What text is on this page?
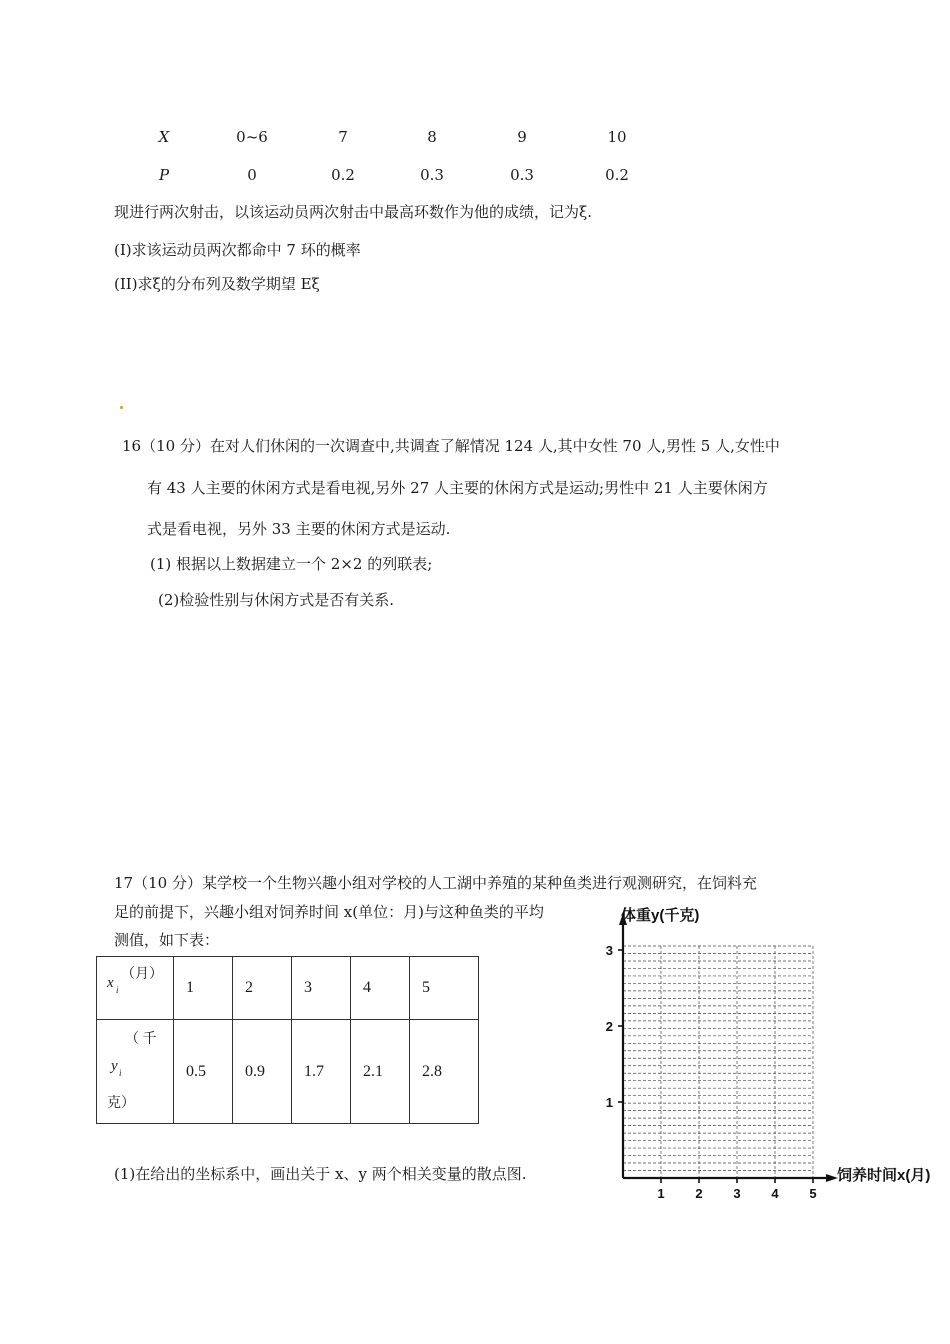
X	0~6	7	8	9	10
P	0	0.2	0.3	0.3	0.2
现进行两次射击，以该运动员两次射击中最高环数作为他的成绩，记为ξ.
(I)求该运动员两次都命中 7 环的概率
(II)求ξ的分布列及数学期望 Eξ
16（10 分）在对人们休闲的一次调查中,共调查了解情况 124 人,其中女性 70 人,男性 5 人,女性中
有 43 人主要的休闲方式是看电视,另外 27 人主要的休闲方式是运动;男性中 21 人主要休闲方
式是看电视，另外 33 主要的休闲方式是运动.
(1) 根据以上数据建立一个 2×2 的列联表;
(2)检验性别与休闲方式是否有关系.
17（10 分）某学校一个生物兴趣小组对学校的人工湖中养殖的某种鱼类进行观测研究，在饲料充
足的前提下，兴趣小组对饲养时间 x(单位：月)与这种鱼类的平均
测值，如下表：
x i
（月）	1	2	3	4	5

（ 千
y i
克）	0.5	0.9	1.7	2.1	2.8
(1)在给出的坐标系中，画出关于 x、y 两个相关变量的散点图.
1
2
3
1 2 3 4 5
体重y(千克)
饲养时间x(月)
